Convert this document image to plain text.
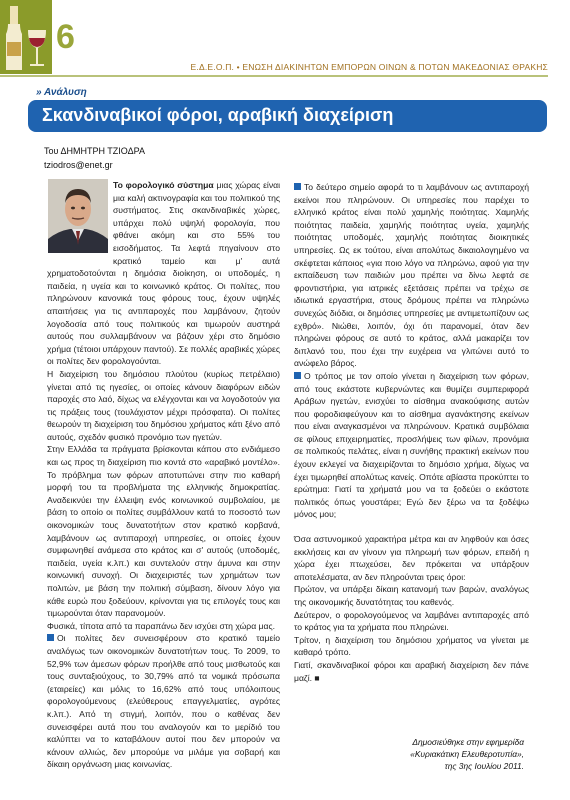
6
Ε.Δ.Ε.Ο.Π. • ΕΝΩΣΗ ΔΙΑΚΙΝΗΤΩΝ ΕΜΠΟΡΩΝ ΟΙΝΩΝ & ΠΟΤΩΝ ΜΑΚΕΔΟΝΙΑΣ ΘΡΑΚΗΣ
» Ανάλυση
Σκανδιναβικοί φόροι, αραβική διαχείριση
Του ΔΗΜΗΤΡΗ ΤΖΙΟΔΡΑ
tziodros@enet.gr

Το φορολογικό σύστημα μιας χώρας είναι μια καλή ακτινογραφία και του πολιτικού της συστήματος. Στις σκανδιναβικές χώρες, υπάρχει πολύ υψηλή φορολογία, που φθάνει ακόμη και στο 55% του εισοδήματος. Τα λεφτά πηγαίνουν στο κρατικό ταμείο και μ' αυτά χρηματοδοτούνται η δημόσια διοίκηση, οι υποδομές, η παιδεία, η υγεία και το κοινωνικό κράτος. Οι πολίτες, που πληρώνουν κανονικά τους φόρους τους, έχουν υψηλές απαιτήσεις για τις αντιπαροχές που λαμβάνουν, ζητούν λογοδοσία από τους πολιτικούς και τιμωρούν αυστηρά αυτούς που συλλαμβάνουν να βάζουν χέρι στο δημόσιο χρήμα (τέτοιοι υπάρχουν παντού). Σε πολλές αραβικές χώρες οι πολίτες δεν φορολογούνται.

Η διαχείριση του δημόσιου πλούτου (κυρίως πετρέλαιο) γίνεται από τις ηγεσίες, οι οποίες κάνουν διαφόρων ειδών παροχές στο λαό, δίχως να ελέγχονται και να λογοδοτούν για τις πράξεις τους (τουλάχιστον μέχρι πρόσφατα). Οι πολίτες θεωρούν τη διαχείριση του δημόσιου χρήματος κάτι ξένο από αυτούς, σχεδόν φυσικό προνόμιο των ηγετών.

Στην Ελλάδα τα πράγματα βρίσκονται κάπου στο ενδιάμεσο και ως προς τη διαχείριση πιο κοντά στο «αραβικό μοντέλο». Το πρόβλημα των φόρων αποτυπώνει στην πιο καθαρή μορφή του τα προβλήματα της ελληνικής δημοκρατίας. Αναδεικνύει την έλλειψη ενός κοινωνικού συμβολαίου, με βάση το οποίο οι πολίτες συμβάλλουν κατά το ποσοστό των οικονομικών τους δυνατοτήτων στον κρατικό κορβανά, λαμβάνουν ως αντιπαροχή υπηρεσίες, οι οποίες έχουν συμφωνηθεί ανάμεσα στο κράτος και σ' αυτούς (υποδομές, παιδεία, υγεία κ.λπ.) και συντελούν στην άμυνα και στην κοινωνική συνοχή. Οι διαχειριστές των χρημάτων των πολιτών, με βάση την πολιτική σύμβαση, δίνουν λόγο για κάθε ευρώ που ξοδεύουν, κρίνονται για τις επιλογές τους και τιμωρούνται όταν παρανομούν.

Φυσικά, τίποτα από τα παραπάνω δεν ισχύει στη χώρα μας.

Οι πολίτες δεν συνεισφέρουν στο κρατικό ταμείο αναλόγως των οικονομικών δυνατοτήτων τους. Το 2009, το 52,9% των άμεσων φόρων προήλθε από τους μισθωτούς και τους συνταξιούχους, το 30,79% από τα νομικά πρόσωπα (εταιρείες) και μόλις το 16,62% από τους υπόλοιπους φορολογούμενους (ελεύθερους επαγγελματίες, αγρότες κ.λπ.). Από τη στιγμή, λοιπόν, που ο καθένας δεν συνεισφέρει αυτά που του αναλογούν και το μερίδιό του καλύπτει να το καταβάλουν αυτοί που δεν μπορούν να κάνουν αλλιώς, δεν μπορούμε να μιλάμε για σοβαρή και δίκαιη οργάνωση μιας κοινωνίας.

Το δεύτερο σημείο αφορά το τι λαμβάνουν ως αντιπαροχή εκείνοι που πληρώνουν. Οι υπηρεσίες που παρέχει το ελληνικό κράτος είναι πολύ χαμηλής ποιότητας. Χαμηλής ποιότητας παιδεία, χαμηλής ποιότητας υγεία, χαμηλής ποιότητας υποδομές, χαμηλής ποιότητας διοικητικές υπηρεσίες. Ως εκ τούτου, είναι απολύτως δικαιολογημένο να σκέφτεται κάποιος «για ποιο λόγο να πληρώνω, αφού για την εκπαίδευση των παιδιών μου πρέπει να δίνω λεφτά σε φροντιστήρια, για ιατρικές εξετάσεις πρέπει να τρέχω σε ιδιωτικά εργαστήρια, στους δρόμους πρέπει να πληρώνω συνεχώς διόδια, οι δημόσιες υπηρεσίες με αντιμετωπίζουν ως εχθρό». Νιώθει, λοιπόν, όχι ότι παρανομεί, όταν δεν πληρώνει φόρους σε αυτό το κράτος, αλλά μακαρίζει τον διπλανό του, που έχει την ευχέρεια να γλιτώνει αυτό το ανώφελο βάρος.

Ο τρόπος με τον οποίο γίνεται η διαχείριση των φόρων, από τους εκάστοτε κυβερνώντες και θυμίζει συμπεριφορά Αράβων ηγετών, ενισχύει το αίσθημα ανακούφισης αυτών που φοροδιαφεύγουν και το αίσθημα αγανάκτησης εκείνων που είναι αναγκασμένοι να πληρώνουν. Κρατικά συμβόλαια σε φίλους επιχειρηματίες, προσλήψεις των φίλων, προνόμια σε πολιτικούς πελάτες, είναι η συνήθης πρακτική εκείνων που έχουν εκλεγεί να διαχειρίζονται το δημόσιο χρήμα, δίχως να έχει τιμωρηθεί απολύτως κανείς. Οπότε αβίαστα προκύπτει το ερώτημα: Γιατί τα χρήματά μου να τα ξοδεύει ο εκάστοτε πολιτικός όπως γουστάρει; Εγώ δεν ξέρω να τα ξοδέψω μόνος μου;

Όσα αστυνομικού χαρακτήρα μέτρα και αν ληφθούν και όσες εκκλήσεις και αν γίνουν για πληρωμή των φόρων, επειδή η χώρα έχει πτωχεύσει, δεν πρόκειται να υπάρξουν αποτελέσματα, αν δεν πληρούνται τρεις όροι:

Πρώτον, να υπάρξει δίκαιη κατανομή των βαρών, αναλόγως της οικονομικής δυνατότητας του καθενός.

Δεύτερον, ο φορολογούμενος να λαμβάνει αντιπαροχές από το κράτος για τα χρήματα που πληρώνει.

Τρίτον, η διαχείριση του δημόσιου χρήματος να γίνεται με καθαρό τρόπο.

Γιατί, σκανδιναβικοί φόροι και αραβική διαχείριση δεν πάνε μαζί. ■

Δημοσιεύθηκε στην εφημερίδα
«Κυριακάτικη Ελευθεροτυπία»,
της 3ης Ιουλίου 2011.
